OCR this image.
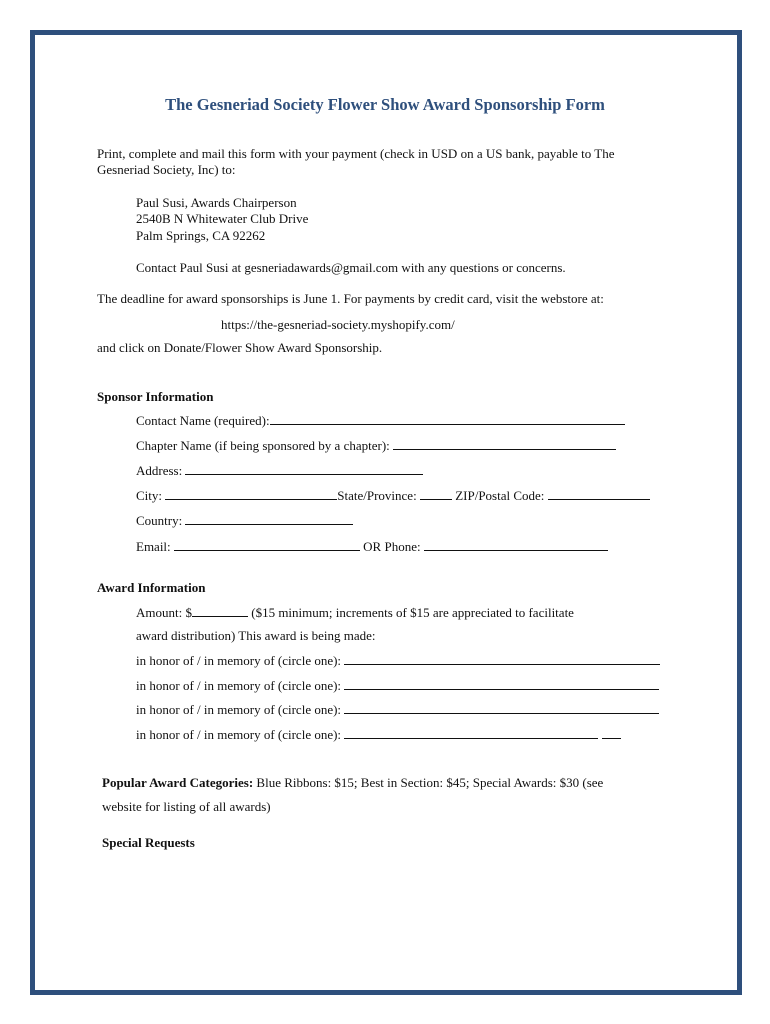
The Gesneriad Society Flower Show Award Sponsorship Form
Print, complete and mail this form with your payment (check in USD on a US bank, payable to The
Gesneriad Society, Inc) to:
Paul Susi, Awards Chairperson
2540B N Whitewater Club Drive
Palm Springs, CA 92262
Contact Paul Susi at gesneriadawards@gmail.com with any questions or concerns.
The deadline for award sponsorships is June 1. For payments by credit card, visit the webstore at:
https://the-gesneriad-society.myshopify.com/
and click on Donate/Flower Show Award Sponsorship.
Sponsor Information
Contact Name (required):
Chapter Name (if being sponsored by a chapter):
Address:
City:	State/Province:	ZIP/Postal Code:
Country:
Email:	OR Phone:
Award Information
Amount: $	($15 minimum; increments of $15 are appreciated to facilitate
award distribution) This award is being made:
in honor of / in memory of (circle one):
in honor of / in memory of (circle one):
in honor of / in memory of (circle one):
in honor of / in memory of (circle one):
Popular Award Categories: Blue Ribbons: $15; Best in Section: $45; Special Awards: $30 (see
website for listing of all awards)
Special Requests
